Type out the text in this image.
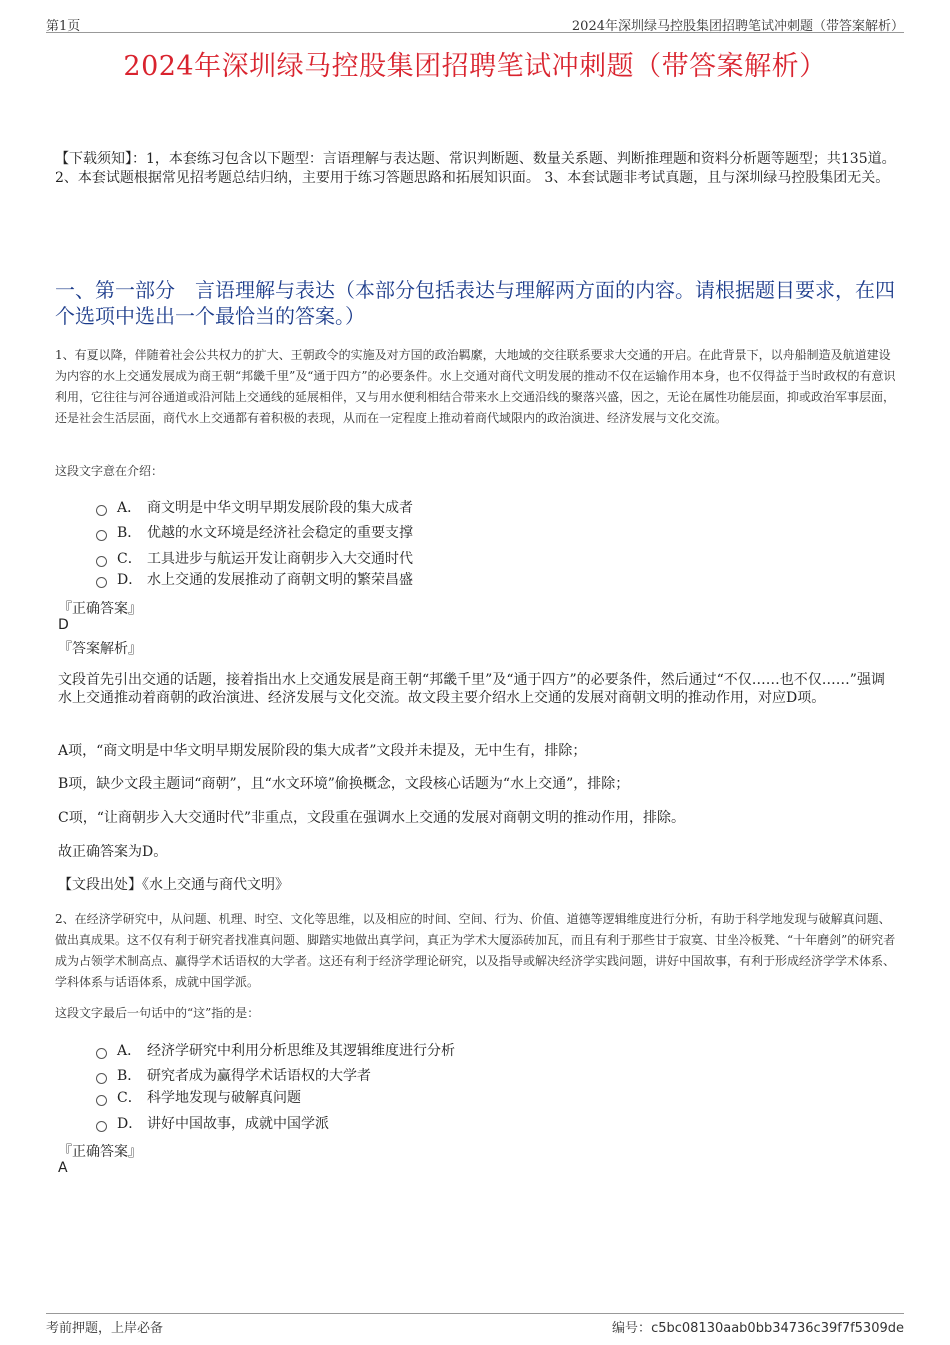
第1页	2024年深圳绿马控股集团招聘笔试冲刺题（带答案解析）
2024年深圳绿马控股集团招聘笔试冲刺题（带答案解析）
【下载须知】：1，本套练习包含以下题型：言语理解与表达题、常识判断题、数量关系题、判断推理题和资料分析题等题型；共135道。 2、本套试题根据常见招考题总结归纳，主要用于练习答题思路和拓展知识面。 3、本套试题非考试真题，且与深圳绿马控股集团无关。
一、第一部分　言语理解与表达（本部分包括表达与理解两方面的内容。请根据题目要求，在四个选项中选出一个最恰当的答案。）
1、有夏以降，伴随着社会公共权力的扩大、王朝政令的实施及对方国的政治羁縻，大地域的交往联系要求大交通的开启。在此背景下，以舟船制造及航道建设为内容的水上交通发展成为商王朝“邦畿千里”及“通于四方”的必要条件。水上交通对商代文明发展的推动不仅在运输作用本身，也不仅得益于当时政权的有意识利用，它往往与河谷通道或沿河陆上交通线的延展相伴，又与用水便利相结合带来水上交通沿线的聚落兴盛，因之，无论在属性功能层面，抑或政治军事层面，还是社会生活层面，商代水上交通都有着积极的表现，从而在一定程度上推动着商代域限内的政治演进、经济发展与文化交流。
这段文字意在介绍：
A． 商文明是中华文明早期发展阶段的集大成者
B． 优越的水文环境是经济社会稳定的重要支撑
C． 工具进步与航运开发让商朝步入大交通时代
D． 水上交通的发展推动了商朝文明的繁荣昌盛
『正确答案』
D
『答案解析』
文段首先引出交通的话题，接着指出水上交通发展是商王朝“邦畿千里”及“通于四方”的必要条件，然后通过“不仅……也不仅……”强调水上交通推动着商朝的政治演进、经济发展与文化交流。故文段主要介绍水上交通的发展对商朝文明的推动作用，对应D项。
A项，“商文明是中华文明早期发展阶段的集大成者”文段并未提及，无中生有，排除；
B项，缺少文段主题词“商朝”，且“水文环境”偷换概念，文段核心话题为“水上交通”，排除；
C项，“让商朝步入大交通时代”非重点，文段重在强调水上交通的发展对商朝文明的推动作用，排除。
故正确答案为D。
【文段出处】《水上交通与商代文明》
2、在经济学研究中，从问题、机理、时空、文化等思维，以及相应的时间、空间、行为、价值、道德等逻辑维度进行分析，有助于科学地发现与破解真问题、做出真成果。这不仅有利于研究者找准真问题、脚踏实地做出真学问，真正为学术大厦添砖加瓦，而且有利于那些甘于寂寞、甘坐冷板凳、“十年磨剑”的研究者成为占领学术制高点、赢得学术话语权的大学者。这还有利于经济学理论研究，以及指导或解决经济学实践问题，讲好中国故事，有利于形成经济学学术体系、学科体系与话语体系，成就中国学派。
这段文字最后一句话中的“这”指的是：
A． 经济学研究中利用分析思维及其逻辑维度进行分析
B． 研究者成为赢得学术话语权的大学者
C． 科学地发现与破解真问题
D． 讲好中国故事，成就中国学派
『正确答案』
A
考前押题，上岸必备	编号：c5bc08130aab0bb34736c39f7f5309de
